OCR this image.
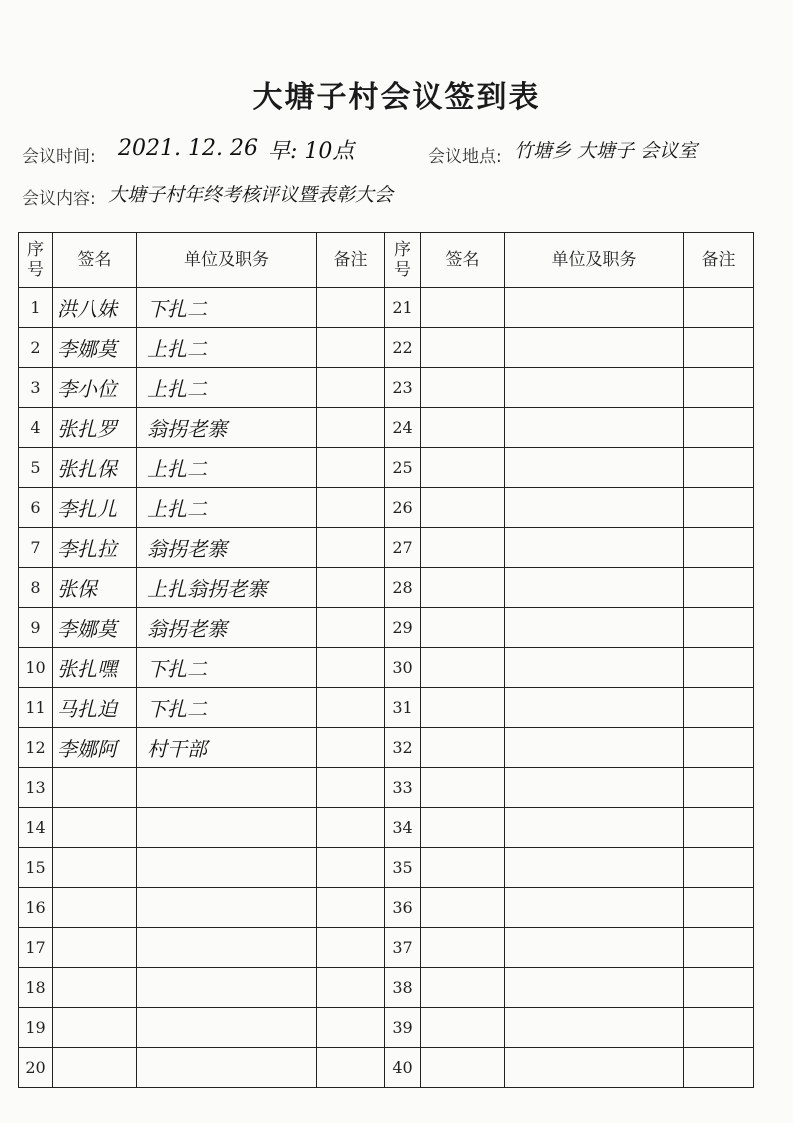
大塘子村会议签到表
会议时间: 2021. 12. 26 早: 10点	会议地点: 竹塘乡 大塘子 会议室
会议内容: 大塘子村年终考核评议暨表彰大会
序号	签名	单位及职务	备注	序号	签名	单位及职务	备注
1	洪八妹	下扎二		21			
2	李娜莫	上扎二		22			
3	李小位	上扎二		23			
4	张扎罗	翁拐老寨		24			
5	张扎保	上扎二		25			
6	李扎儿	上扎二		26			
7	李扎拉	翁拐老寨		27			
8	张保	上扎翁拐老寨		28			
9	李娜莫	翁拐老寨		29			
10	张扎嘿	下扎二		30			
11	马扎迫	下扎二		31			
12	李娜阿	村干部		32			
13				33			
14				34			
15				35			
16				36			
17				37			
18				38			
19				39			
20				40			
